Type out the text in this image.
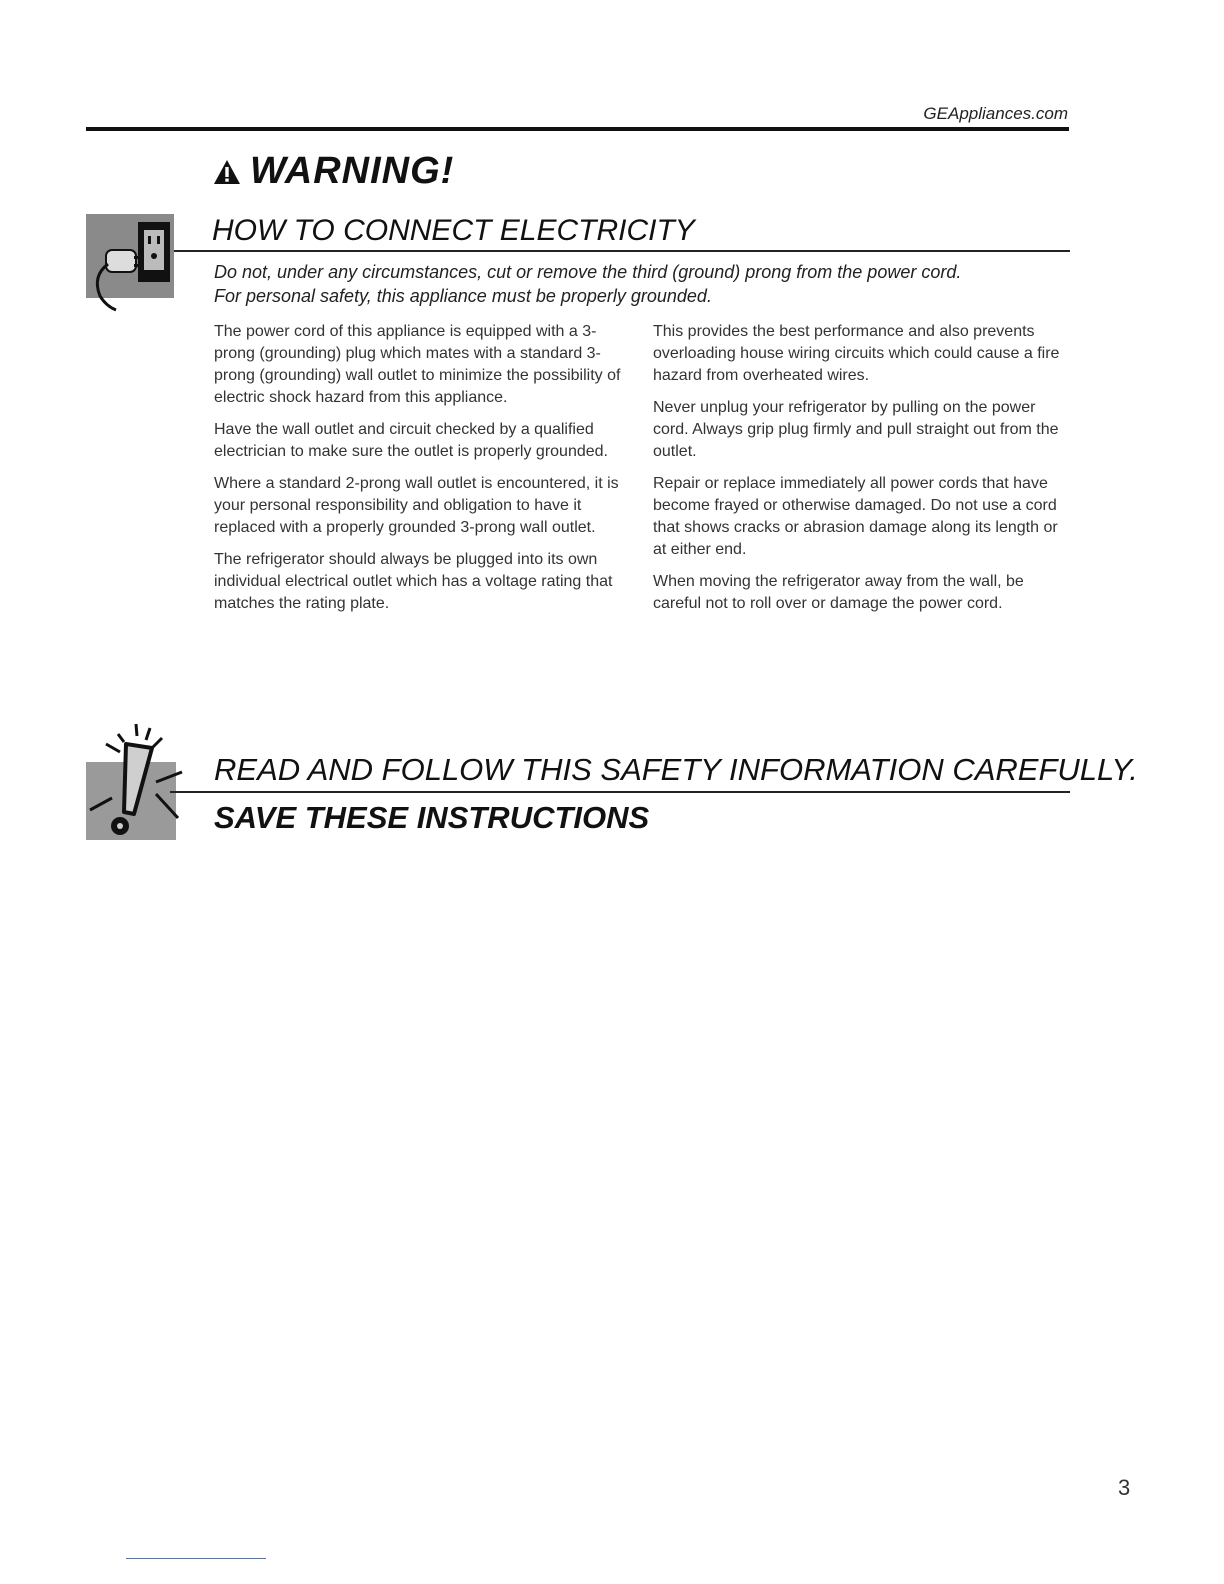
GEAppliances.com
WARNING!
HOW TO CONNECT ELECTRICITY
Do not, under any circumstances, cut or remove the third (ground) prong from the power cord.
For personal safety, this appliance must be properly grounded.

The power cord of this appliance is equipped with a 3-prong (grounding) plug which mates with a standard 3-prong (grounding) wall outlet to minimize the possibility of electric shock hazard from this appliance.

Have the wall outlet and circuit checked by a qualified electrician to make sure the outlet is properly grounded.

Where a standard 2-prong wall outlet is encountered, it is your personal responsibility and obligation to have it replaced with a properly grounded 3-prong wall outlet.

The refrigerator should always be plugged into its own individual electrical outlet which has a voltage rating that matches the rating plate.

This provides the best performance and also prevents overloading house wiring circuits which could cause a fire hazard from overheated wires.

Never unplug your refrigerator by pulling on the power cord. Always grip plug firmly and pull straight out from the outlet.

Repair or replace immediately all power cords that have become frayed or otherwise damaged. Do not use a cord that shows cracks or abrasion damage along its length or at either end.

When moving the refrigerator away from the wall, be careful not to roll over or damage the power cord.

READ AND FOLLOW THIS SAFETY INFORMATION CAREFULLY.
SAVE THESE INSTRUCTIONS
3
